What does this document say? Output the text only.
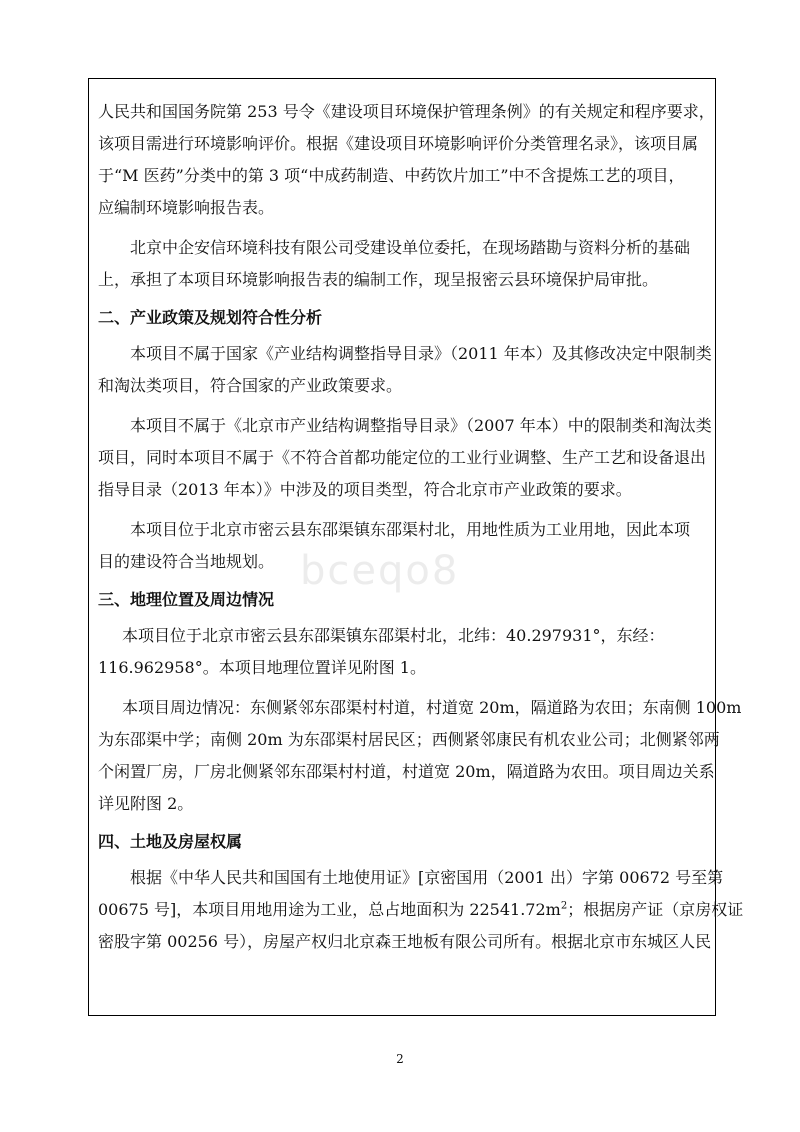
bceqo8

人民共和国国务院第 253 号令《建设项目环境保护管理条例》的有关规定和程序要求，
该项目需进行环境影响评价。根据《建设项目环境影响评价分类管理名录》，该项目属
于“M 医药”分类中的第 3 项“中成药制造、中药饮片加工”中不含提炼工艺的项目，
应编制环境影响报告表。

北京中企安信环境科技有限公司受建设单位委托，在现场踏勘与资料分析的基础
上，承担了本项目环境影响报告表的编制工作，现呈报密云县环境保护局审批。

二、产业政策及规划符合性分析

本项目不属于国家《产业结构调整指导目录》（2011 年本）及其修改决定中限制类
和淘汰类项目，符合国家的产业政策要求。

本项目不属于《北京市产业结构调整指导目录》（2007 年本）中的限制类和淘汰类
项目，同时本项目不属于《不符合首都功能定位的工业行业调整、生产工艺和设备退出
指导目录（2013 年本）》中涉及的项目类型，符合北京市产业政策的要求。

本项目位于北京市密云县东邵渠镇东邵渠村北，用地性质为工业用地，因此本项
目的建设符合当地规划。

三、地理位置及周边情况

本项目位于北京市密云县东邵渠镇东邵渠村北，北纬：40.297931°，东经：
116.962958°。本项目地理位置详见附图 1。

本项目周边情况：东侧紧邻东邵渠村村道，村道宽 20m，隔道路为农田；东南侧 100m
为东邵渠中学；南侧 20m 为东邵渠村居民区；西侧紧邻康民有机农业公司；北侧紧邻两
个闲置厂房，厂房北侧紧邻东邵渠村村道，村道宽 20m，隔道路为农田。项目周边关系
详见附图 2。

四、土地及房屋权属

根据《中华人民共和国国有土地使用证》[京密国用（2001 出）字第 00672 号至第
00675 号]，本项目用地用途为工业，总占地面积为 $22541.72m^2$；根据房产证（京房权证
密股字第 00256 号），房屋产权归北京森王地板有限公司所有。根据北京市东城区人民

2
